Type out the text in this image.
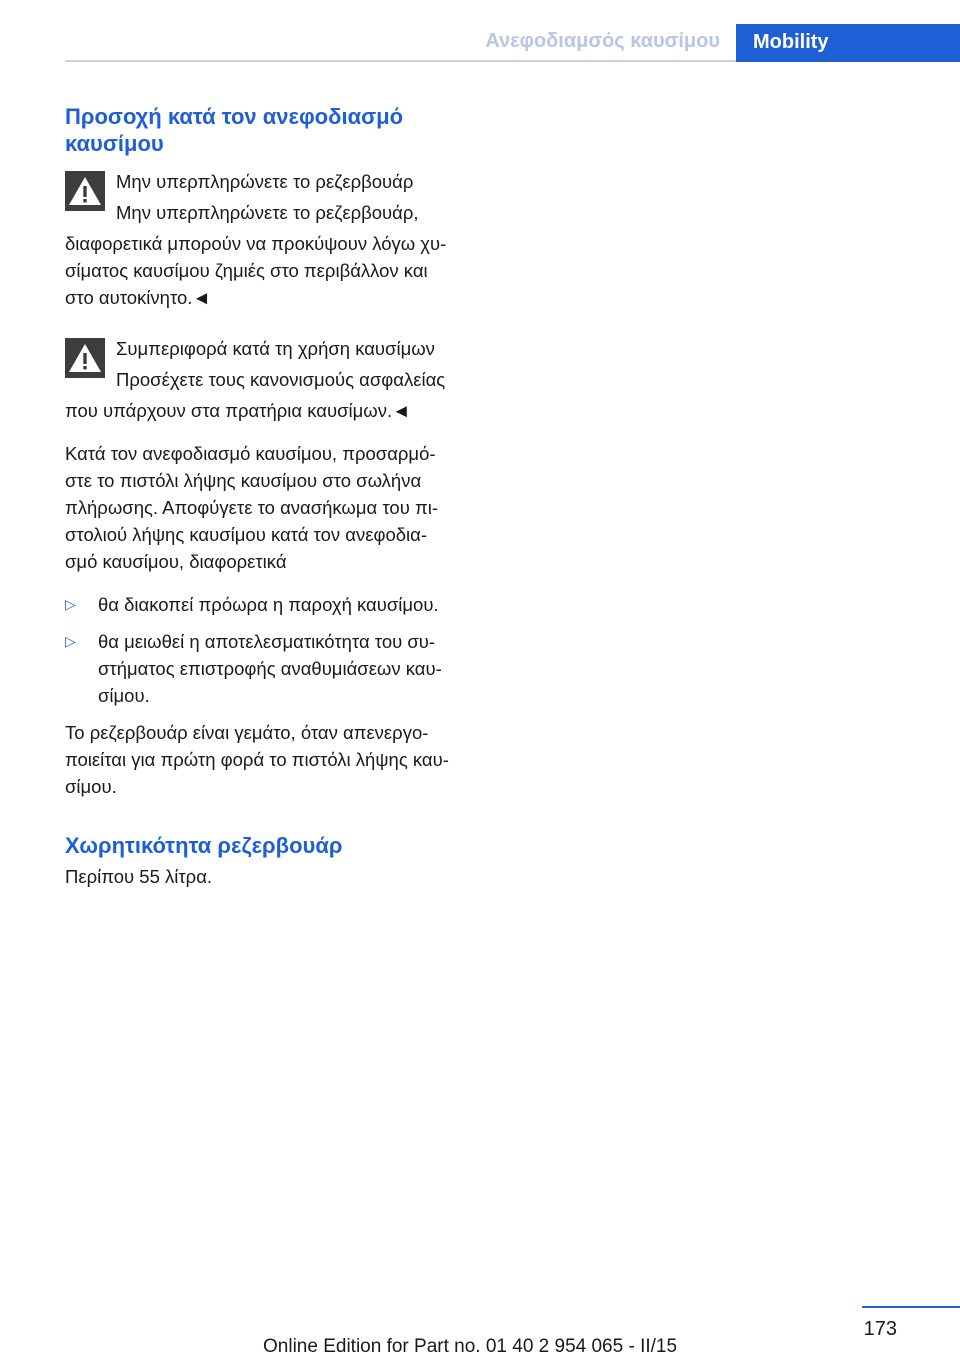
Ανεφοδιαμσός καυσίμου	Mobility
Προσοχή κατά τον ανεφοδιασμό
καυσίμου

Μην υπερπληρώνετε το ρεζερβουάρ

Μην υπερπληρώνετε το ρεζερβουάρ,

διαφορετικά μπορούν να προκύψουν λόγω χυ-

σίματος καυσίμου ζημιές στο περιβάλλον και

στο αυτοκίνητο.◄

Συμπεριφορά κατά τη χρήση καυσίμων

Προσέχετε τους κανονισμούς ασφαλείας

που υπάρχουν στα πρατήρια καυσίμων.◄

Κατά τον ανεφοδιασμό καυσίμου, προσαρμό-

στε το πιστόλι λήψης καυσίμου στο σωλήνα

πλήρωσης. Αποφύγετε το ανασήκωμα του πι-

στολιού λήψης καυσίμου κατά τον ανεφοδια-

σμό καυσίμου, διαφορετικά

▷ θα διακοπεί πρόωρα η παροχή καυσίμου.
▷ θα μειωθεί η αποτελεσματικότητα του συ-
στήματος επιστροφής αναθυμιάσεων καυ-
σίμου.

Το ρεζερβουάρ είναι γεμάτο, όταν απενεργο-

ποιείται για πρώτη φορά το πιστόλι λήψης καυ-

σίμου.

Χωρητικότητα ρεζερβουάρ

Περίπου 55 λίτρα.

173
Online Edition for Part no. 01 40 2 954 065 - II/15
